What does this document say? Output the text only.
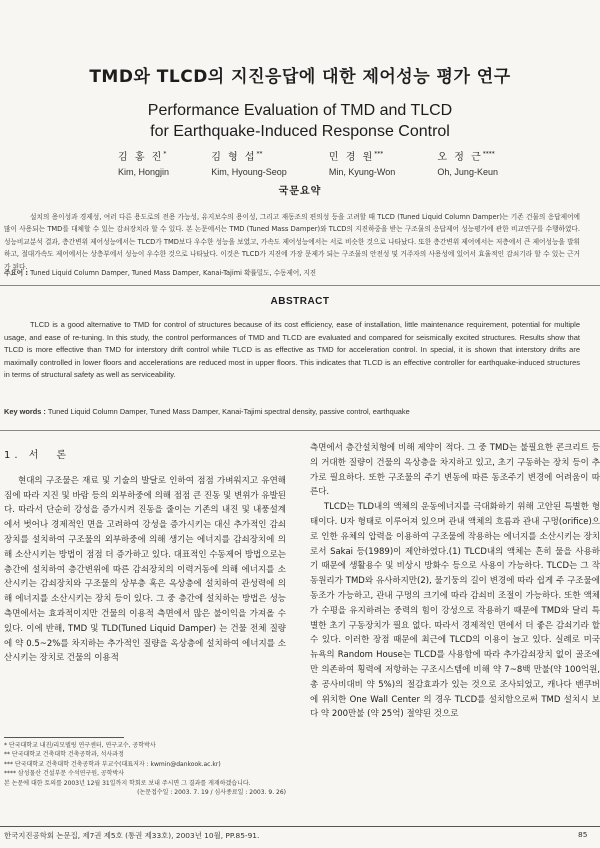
TMD와 TLCD의 지진응답에 대한 제어성능 평가 연구
Performance Evaluation of TMD and TLCD
for Earthquake-Induced Response Control
김 홍 진*
Kim, Hongjin
김 형 섭**
Kim, Hyoung-Seop
민 경 원***
Min, Kyung-Won
오 정 근****
Oh, Jung-Keun
국문요약
설치의 용이성과 경제성, 여러 다른 용도로의 전용 가능성, 유지보수의 용이성, 그리고 재동조의 편의성 등을 고려할 때 TLCD (Tuned Liquid Column Damper)는 기존 건물의 응답제어에 많이 사용되는 TMD를 대체할 수 있는 감쇠장치라 할 수 있다. 본 논문에서는 TMD (Tuned Mass Damper)와 TLCD의 지진하중을 받는 구조물의 응답제어 성능평가에 관한 비교연구를 수행하였다. 성능비교분석 결과, 층간변위 제어성능에서는 TLCD가 TMD보다 우수한 성능을 보였고, 가속도 제어성능에서는 서로 비슷한 것으로 나타났다. 또한 층간변위 제어에서는 저층에서 큰 제어성능을 발휘하고, 절대가속도 제어에서는 상층부에서 성능이 우수한 것으로 나타났다. 이것은 TLCD가 지진에 가장 문제가 되는 구조물의 안전성 및 거주자의 사용성에 있어서 효율적인 감쇠기라 할 수 있는 근거가 된다.
주요어 : Tuned Liquid Column Damper, Tuned Mass Damper, Kanai-Tajimi 확률밀도, 수동제어, 지진
ABSTRACT
TLCD is a good alternative to TMD for control of structures because of its cost efficiency, ease of installation, little maintenance requirement, potential for multiple usage, and ease of re-tuning. In this study, the control performances of TMD and TLCD are evaluated and compared for seismically excited structures. Results show that TLCD is more effective than TMD for interstory drift control while TLCD is as effective as TMD for acceleration control. In special, it is shown that interstory drifts are maximally controlled in lower floors and accelerations are reduced most in upper floors. This indicates that TLCD is an effective controller for earthquake-induced structures in terms of structural safety as well as serviceability.
Key words : Tuned Liquid Column Damper, Tuned Mass Damper, Kanai-Tajimi spectral density, passive control, earthquake
1. 서　론

현대의 구조물은 재료 및 기술의 발달로 인하여 점점 가벼워지고 유연해 짐에 따라 지진 및 바람 등의 외부하중에 의해 점점 큰 진동 및 변위가 유발된다. 따라서 단순히 강성을 증가시켜 진동을 줄이는 기존의 내진 및 내풍설계에서 벗어나 경제적인 면을 고려하여 강성을 증가시키는 대신 추가적인 감쇠장치를 설치하여 구조물의 외부하중에 의해 생기는 에너지를 감쇠장치에 의해 소산시키는 방법이 점점 더 증가하고 있다. 대표적인 수동제어 방법으로는 층간에 설치하여 층간변위에 따른 감쇠장치의 이력거동에 의해 에너지를 소산시키는 감쇠장치와 구조물의 상부층 혹은 옥상층에 설치하여 관성력에 의해 에너지를 소산시키는 장치 등이 있다. 그 중 층간에 설치하는 방법은 성능측면에서는 효과적이지만 건물의 이용적 측면에서 많은 불이익을 가져올 수 있다. 이에 반해, TMD 및 TLD(Tuned Liquid Damper) 는 건물 전체 질량에 약 0.5~2%를 차지하는 추가적인 질량을 옥상층에 설치하여 에너지를 소산시키는 장치로 건물의 이용적

측면에서 층간설치형에 비해 제약이 적다. 그 중 TMD는 불필요한 콘크리트 등의 거대한 질량이 건물의 옥상층을 차지하고 있고, 초기 구동하는 장치 등이 추가로 필요하다. 또한 구조물의 주기 변동에 따른 동조주기 변경에 어려움이 따른다.

TLCD는 TLD내의 액체의 운동에너지를 극대화하기 위해 고안된 특별한 형태이다. U자 형태로 이루어져 있으며 관내 액체의 흐름과 관내 구멍(orifice)으로 인한 유체의 압력을 이용하여 구조물에 작용하는 에너지를 소산시키는 장치로서 Sakai 등(1989)이 제안하였다.(1) TLCD내의 액체는 흔히 물을 사용하기 때문에 생활용수 및 비상시 방화수 등으로 사용이 가능하다. TLCD는 그 작동원리가 TMD와 유사하지만(2), 물기둥의 길이 변경에 따라 쉽게 주 구조물에 동조가 가능하고, 관내 구멍의 크기에 따라 감쇠비 조절이 가능하다. 또한 액체가 수평을 유지하려는 중력의 힘이 강성으로 작용하기 때문에 TMD와 달리 특별한 초기 구동장치가 필요 없다. 따라서 경제적인 면에서 더 좋은 감쇠기라 할 수 있다. 이러한 장점 때문에 최근에 TLCD의 이용이 늘고 있다. 실례로 미국 뉴욕의 Random House는 TLCD를 사용함에 따라 추가감쇠장치 없이 골조에만 의존하여 횡력에 저항하는 구조시스템에 비해 약 7~8백 만불(약 100억원, 총 공사비대비 약 5%)의 절감효과가 있는 것으로 조사되었고, 캐나다 밴쿠버에 위치한 One Wall Center 의 경우 TLCD를 설치함으로써 TMD 설치시 보다 약 200만불 (약 25억) 절약된 것으로

* 단국대학교 내진/리모델링 연구센터, 연구교수, 공학박사
** 단국대학교 건축대학 건축공학과, 석사과정
*** 단국대학교 건축대학 건축공학과 부교수(대표저자 : kwmin@dankook.ac.kr)
**** 삼성물산 건설부문 수석연구원, 공학박사
본 논문에 대한 토의를 2003년 12월 31일까지 학회로 보내 주시면 그 결과를 게재하겠습니다.
(논문접수일 : 2003. 7. 19 / 심사종료일 : 2003. 9. 26)
한국지진공학회 논문집, 제7권 제5호 (통권 제33호), 2003년 10월, PP.85-91.	85
